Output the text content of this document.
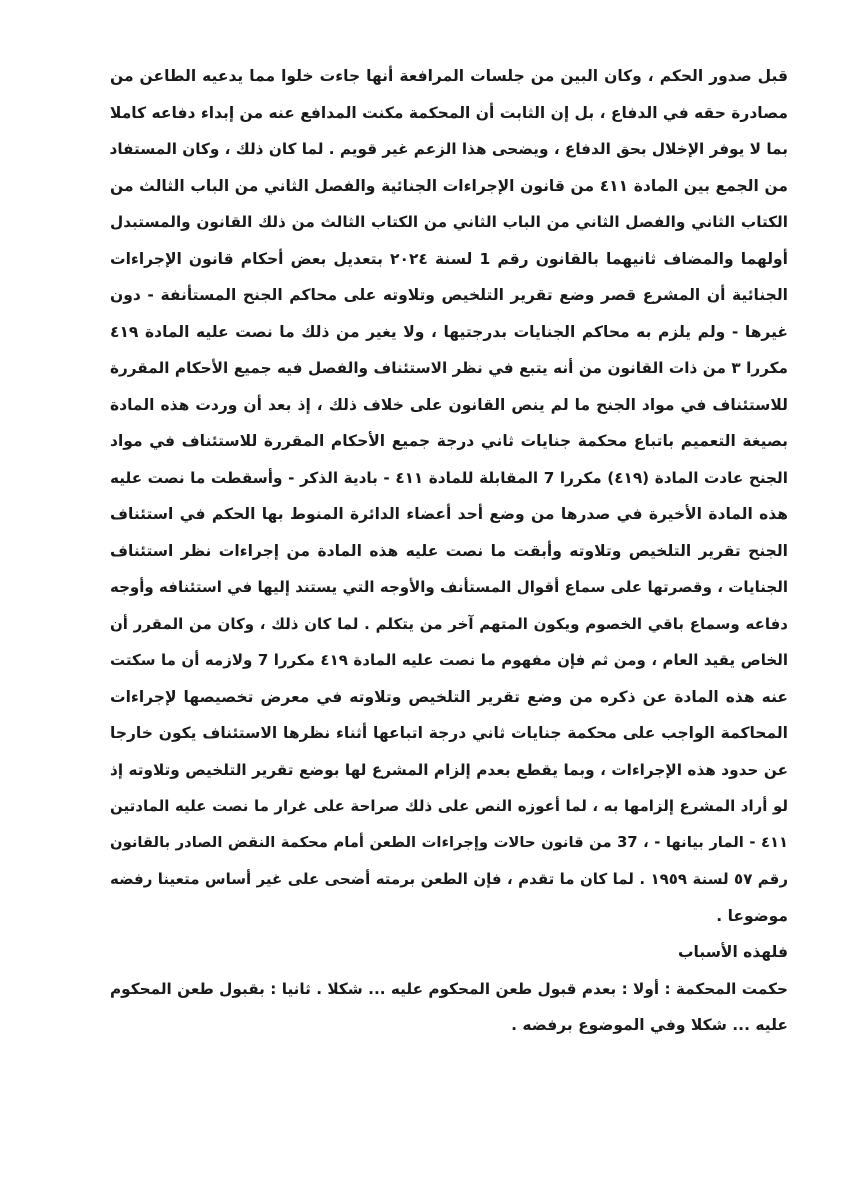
قبل صدور الحكم ، وكان البين من جلسات المرافعة أنها جاءت خلوا مما يدعيه الطاعن من
مصادرة حقه في الدفاع ، بل إن الثابت أن المحكمة مكنت المدافع عنه من إبداء دفاعه كاملا
بما لا يوفر الإخلال بحق الدفاع ، ويضحى هذا الزعم غير قويم . لما كان ذلك ، وكان المستفاد
من الجمع بين المادة ٤١١ من قانون الإجراءات الجنائية والفصل الثاني من الباب الثالث من
الكتاب الثاني والفصل الثاني من الباب الثاني من الكتاب الثالث من ذلك القانون والمستبدل
أولهما والمضاف ثانيهما بالقانون رقم 1 لسنة ٢٠٢٤ بتعديل بعض أحكام قانون الإجراءات
الجنائية أن المشرع قصر وضع تقرير التلخيص وتلاوته على محاكم الجنح المستأنفة - دون
غيرها - ولم يلزم به محاكم الجنايات بدرجتيها ، ولا يغير من ذلك ما نصت عليه المادة ٤١٩
مكررا ٣ من ذات القانون من أنه يتبع في نظر الاستئناف والفصل فيه جميع الأحكام المقررة
للاستئناف في مواد الجنح ما لم ينص القانون على خلاف ذلك ، إذ بعد أن وردت هذه المادة
بصيغة التعميم باتباع محكمة جنايات ثاني درجة جميع الأحكام المقررة للاستئناف في مواد
الجنح عادت المادة (٤١٩) مكررا 7 المقابلة للمادة ٤١١ - بادية الذكر - وأسقطت ما نصت عليه
هذه المادة الأخيرة في صدرها من وضع أحد أعضاء الدائرة المنوط بها الحكم في استئناف
الجنح تقرير التلخيص وتلاوته وأبقت ما نصت عليه هذه المادة من إجراءات نظر استئناف
الجنايات ، وقصرتها على سماع أقوال المستأنف والأوجه التي يستند إليها في استئنافه وأوجه
دفاعه وسماع باقي الخصوم ويكون المتهم آخر من يتكلم . لما كان ذلك ، وكان من المقرر أن
الخاص يقيد العام ، ومن ثم فإن مفهوم ما نصت عليه المادة ٤١٩ مكررا 7 ولازمه أن ما سكتت
عنه هذه المادة عن ذكره من وضع تقرير التلخيص وتلاوته في معرض تخصيصها لإجراءات
المحاكمة الواجب على محكمة جنايات ثاني درجة اتباعها أثناء نظرها الاستئناف يكون خارجا
عن حدود هذه الإجراءات ، وبما يقطع بعدم إلزام المشرع لها بوضع تقرير التلخيص وتلاوته إذ
لو أراد المشرع إلزامها به ، لما أعوزه النص على ذلك صراحة على غرار ما نصت عليه المادتين
٤١١ - المار بيانها - ، 37 من قانون حالات وإجراءات الطعن أمام محكمة النقض الصادر بالقانون
رقم ٥٧ لسنة ١٩٥٩ . لما كان ما تقدم ، فإن الطعن برمته أضحى على غير أساس متعينا رفضه
موضوعا .
فلهذه الأسباب
حكمت المحكمة : أولا : بعدم قبول طعن المحكوم عليه ... شكلا . ثانيا : بقبول طعن المحكوم
عليه ... شكلا وفي الموضوع برفضه .
